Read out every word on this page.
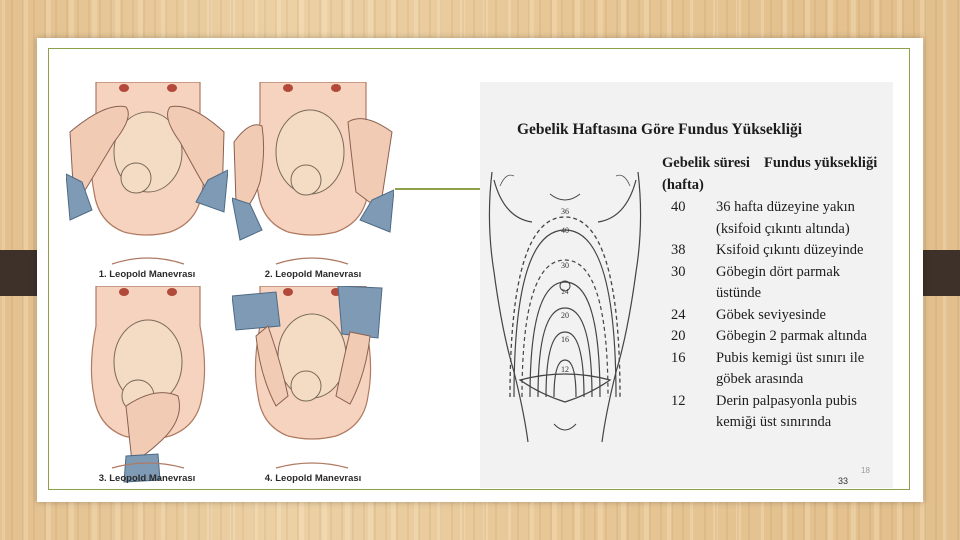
1. Leopold Manevrası	2. Leopold Manevrası
3. Leopold Manevrası	4. Leopold Manevrası
Gebelik Haftasına Göre Fundus Yüksekliği
36
40
30
24
20
16
12
Gebelik süresi
(hafta)
Fundus yüksekliği
40 36 hafta düzeyine yakın
(ksifoid çıkıntı altında)
38 Ksifoid çıkıntı düzeyinde
30 Göbegin dört parmak
üstünde
24 Göbek seviyesinde
20 Göbegin 2 parmak altında
16 Pubis kemigi üst sınırı ile
göbek arasında
12 Derin palpasyonla pubis
kemiği üst sınırında
18
33
